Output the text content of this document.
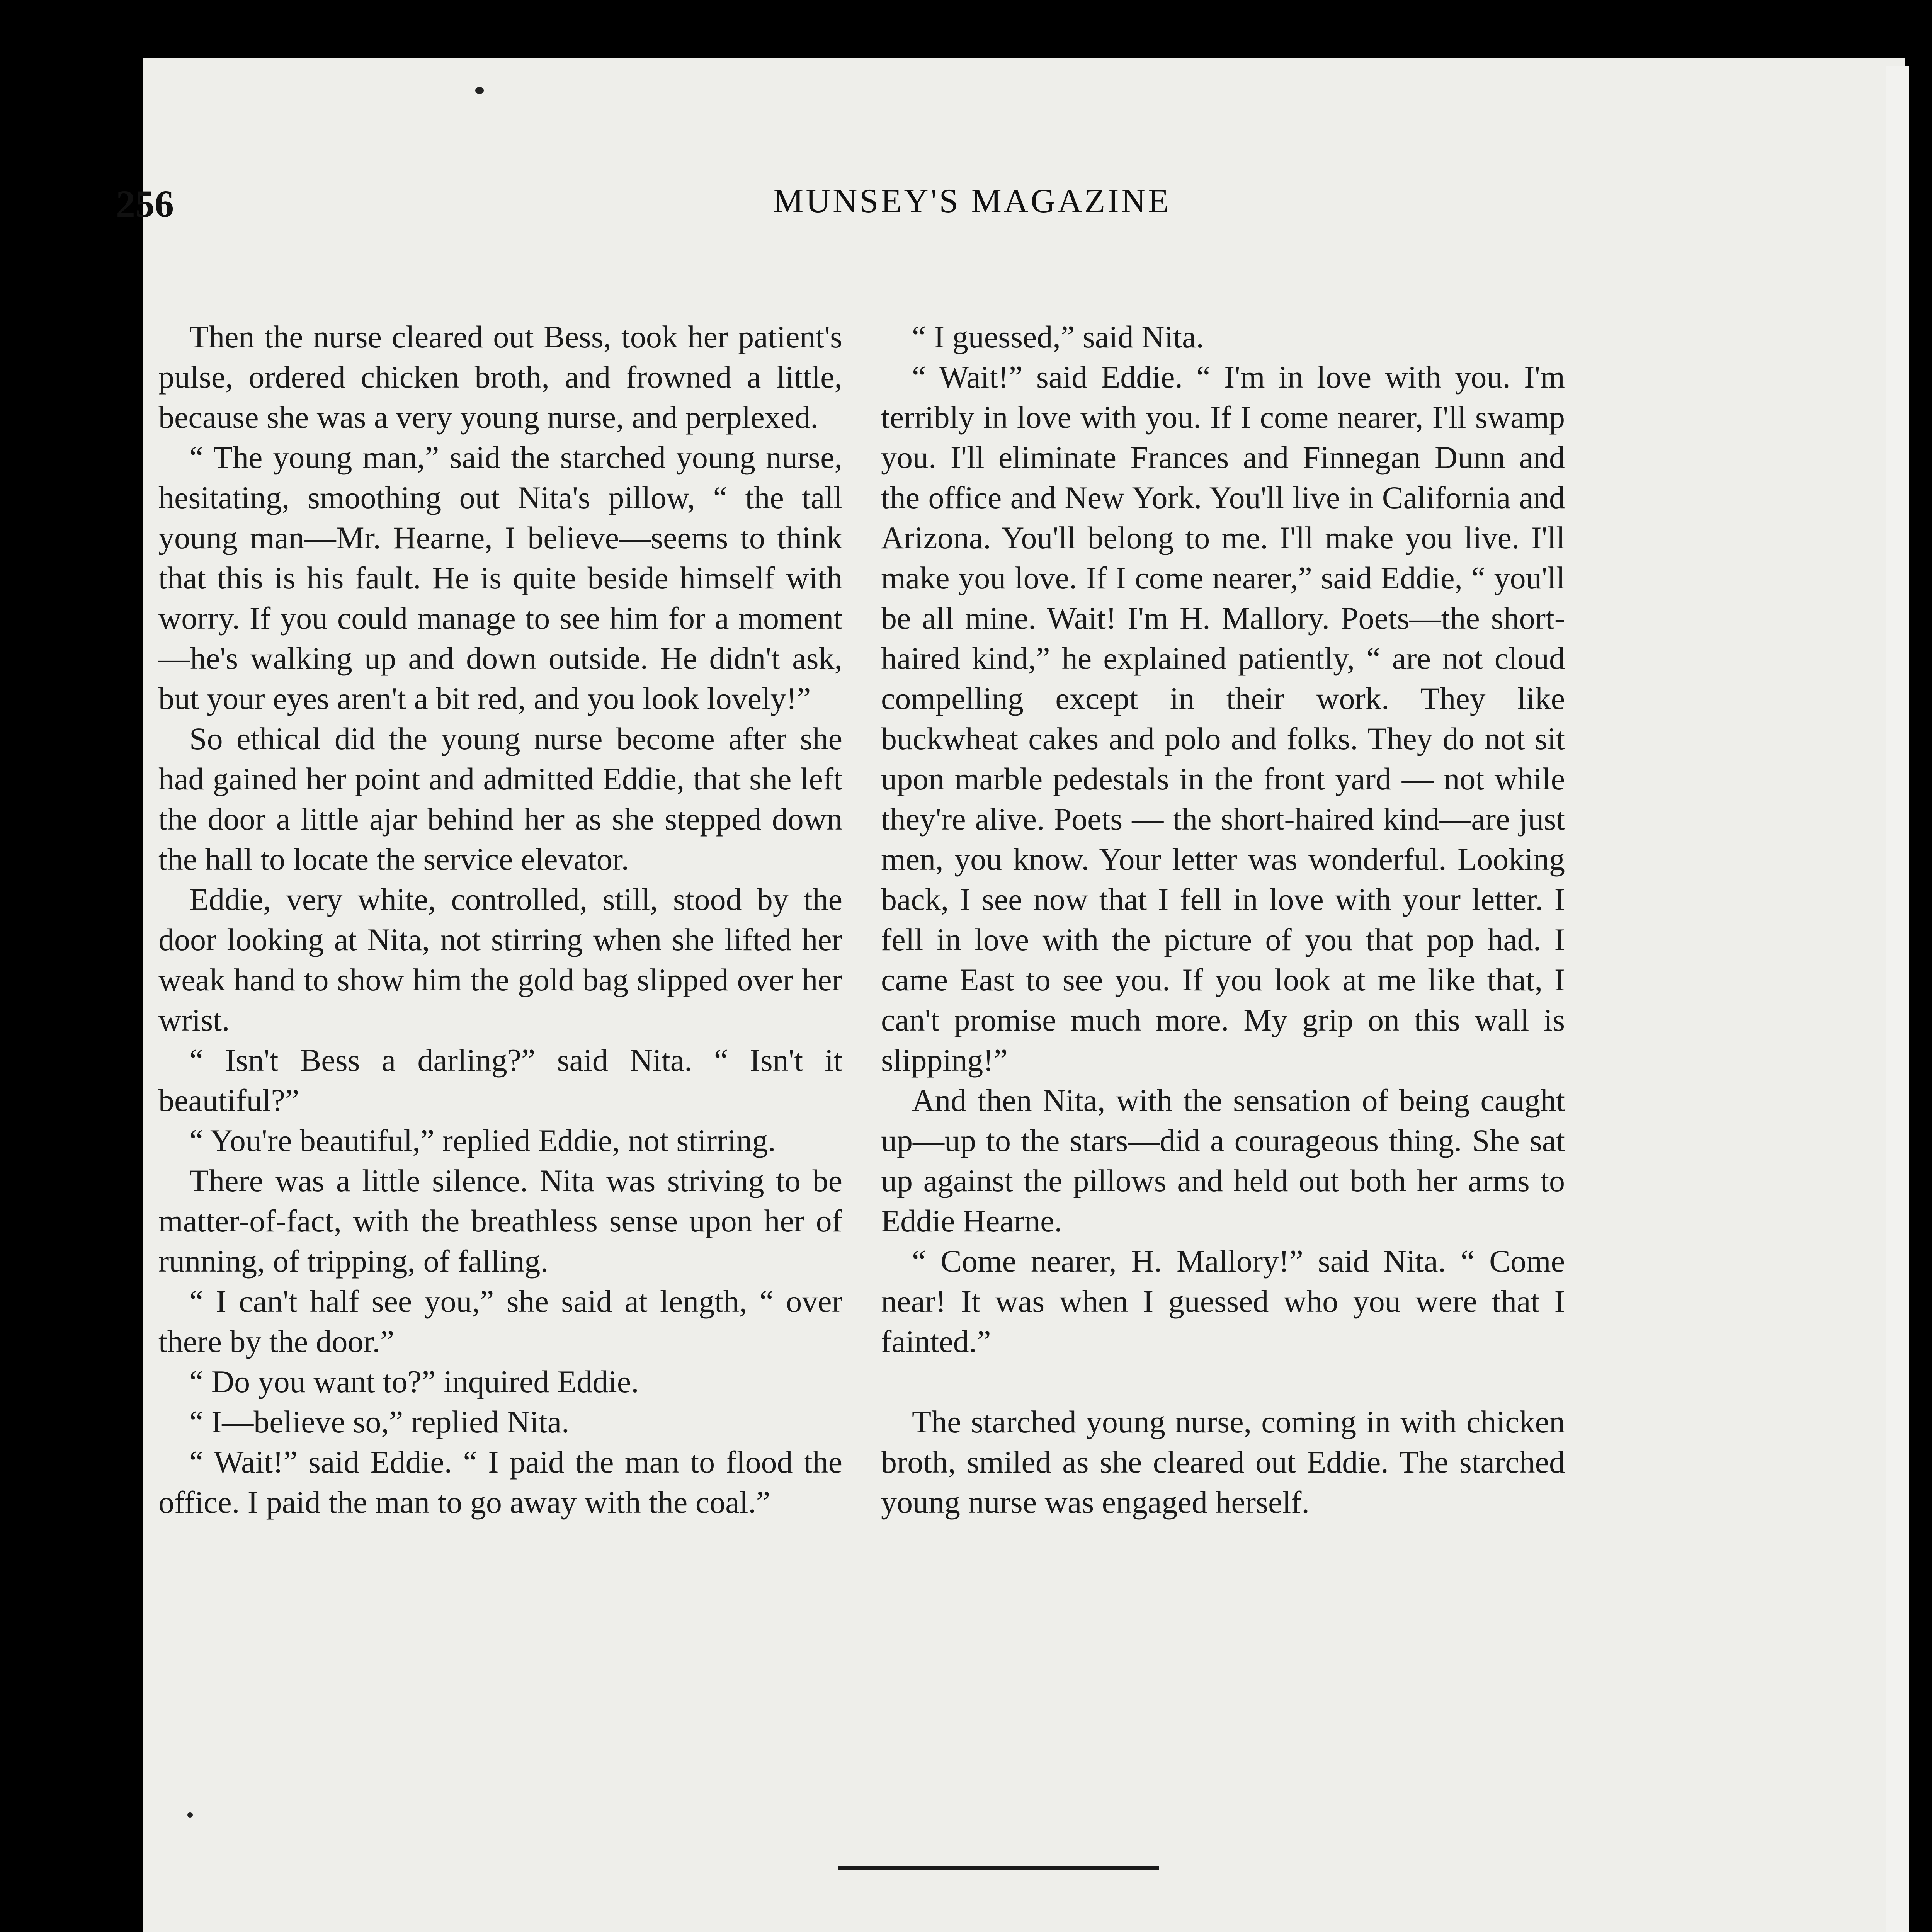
256	MUNSEY'S MAGAZINE

Then the nurse cleared out Bess, took her patient's pulse, ordered chicken broth, and frowned a little, because she was a very young nurse, and perplexed.

“ The young man,” said the starched young nurse, hesitating, smoothing out Nita's pillow, “ the tall young man—Mr. Hearne, I believe—seems to think that this is his fault. He is quite beside himself with worry. If you could manage to see him for a moment—he's walking up and down outside. He didn't ask, but your eyes aren't a bit red, and you look lovely!”

So ethical did the young nurse become after she had gained her point and admitted Eddie, that she left the door a little ajar behind her as she stepped down the hall to locate the service elevator.

Eddie, very white, controlled, still, stood by the door looking at Nita, not stirring when she lifted her weak hand to show him the gold bag slipped over her wrist.

“ Isn't Bess a darling?” said Nita. “ Isn't it beautiful?”

“ You're beautiful,” replied Eddie, not stirring.

There was a little silence. Nita was striving to be matter-of-fact, with the breathless sense upon her of running, of tripping, of falling.

“ I can't half see you,” she said at length, “ over there by the door.”

“ Do you want to?” inquired Eddie.

“ I—believe so,” replied Nita.

“ Wait!” said Eddie. “ I paid the man to flood the office. I paid the man to go away with the coal.”

“ I guessed,” said Nita.

“ Wait!” said Eddie. “ I'm in love with you. I'm terribly in love with you. If I come nearer, I'll swamp you. I'll eliminate Frances and Finnegan Dunn and the office and New York. You'll live in California and Arizona. You'll belong to me. I'll make you live. I'll make you love. If I come nearer,” said Eddie, “ you'll be all mine. Wait! I'm H. Mallory. Poets—the short-haired kind,” he explained patiently, “ are not cloud compelling except in their work. They like buckwheat cakes and polo and folks. They do not sit upon marble pedestals in the front yard — not while they're alive. Poets — the short-haired kind—are just men, you know. Your letter was wonderful. Looking back, I see now that I fell in love with your letter. I fell in love with the picture of you that pop had. I came East to see you. If you look at me like that, I can't promise much more. My grip on this wall is slipping!”

And then Nita, with the sensation of being caught up—up to the stars—did a courageous thing. She sat up against the pillows and held out both her arms to Eddie Hearne.

“ Come nearer, H. Mallory!” said Nita. “ Come near! It was when I guessed who you were that I fainted.”

The starched young nurse, coming in with chicken broth, smiled as she cleared out Eddie. The starched young nurse was engaged herself.
